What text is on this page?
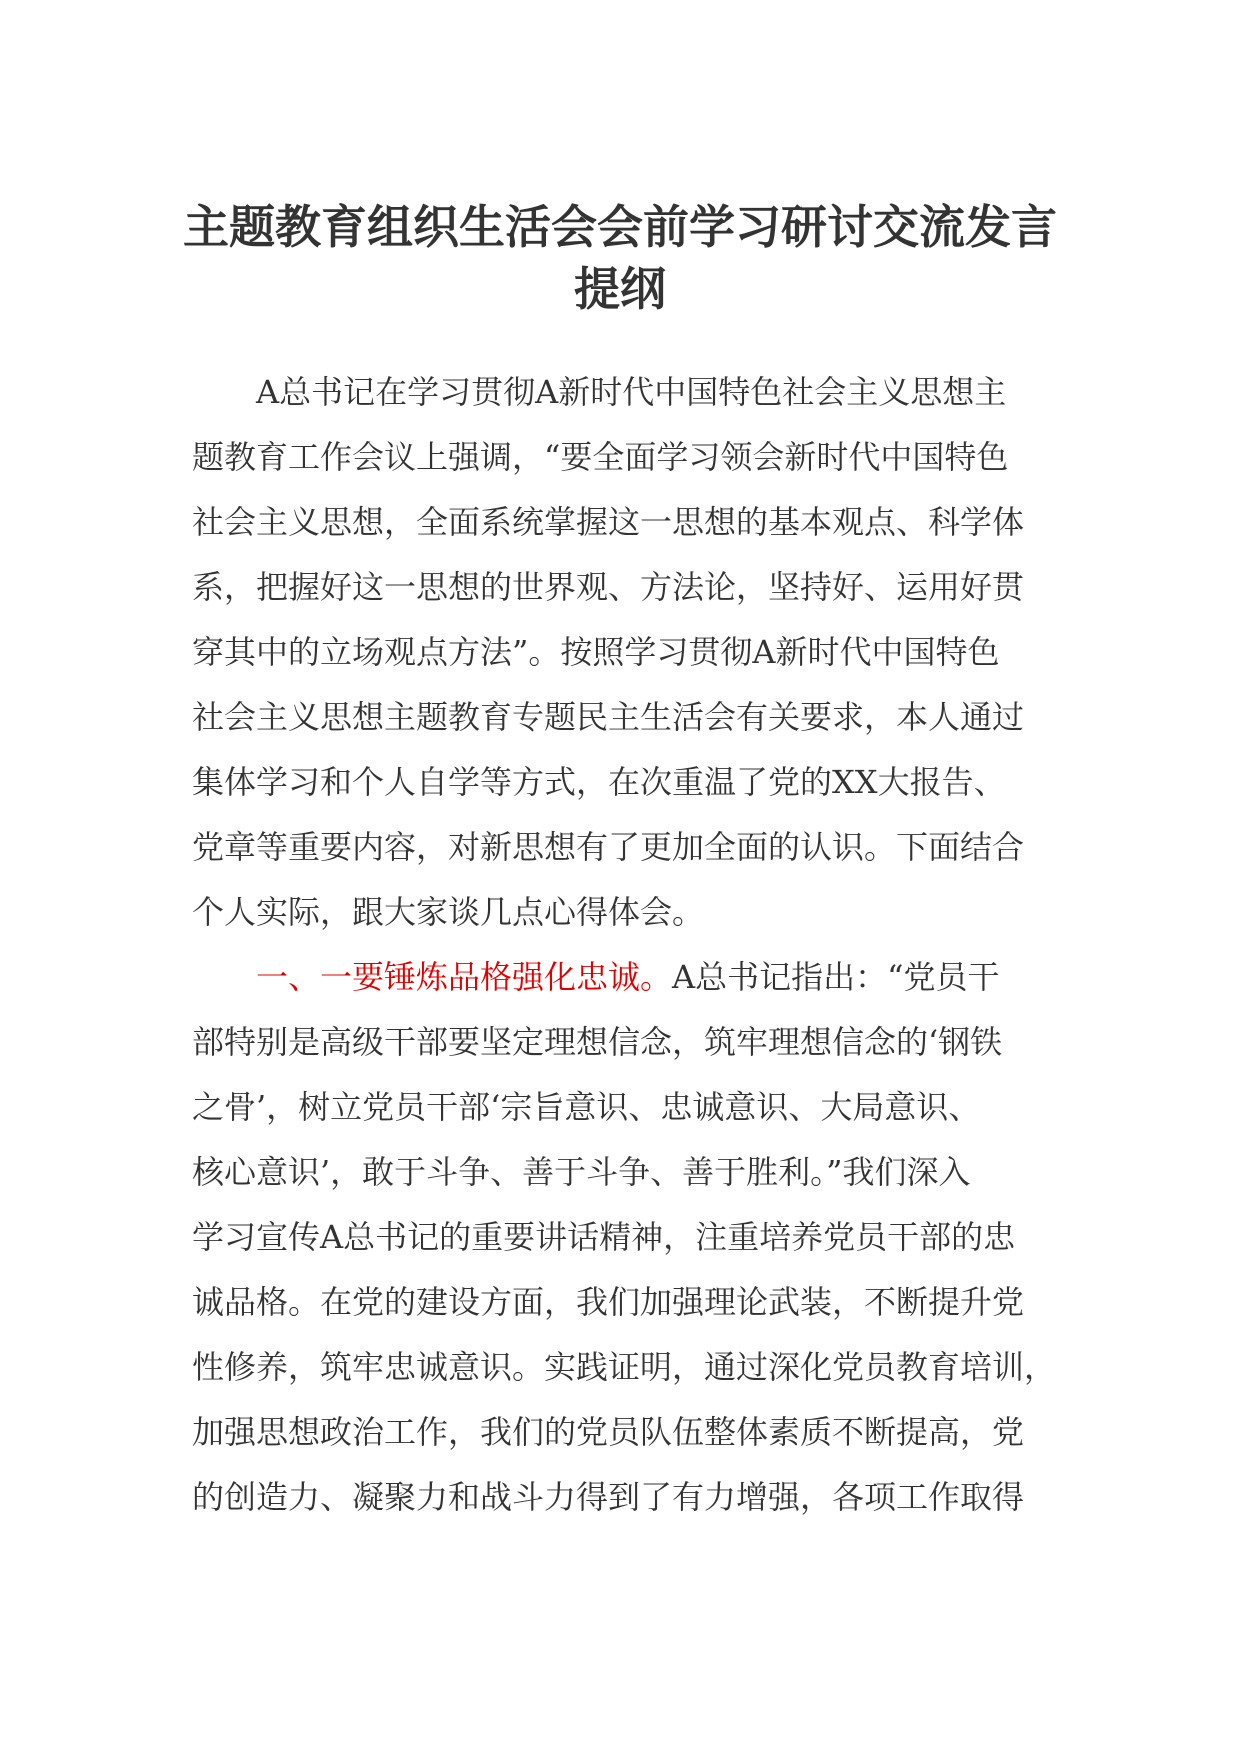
主题教育组织生活会会前学习研讨交流发言
提纲
A总书记在学习贯彻A新时代中国特色社会主义思想主
题教育工作会议上强调，“要全面学习领会新时代中国特色
社会主义思想，全面系统掌握这一思想的基本观点、科学体
系，把握好这一思想的世界观、方法论，坚持好、运用好贯
穿其中的立场观点方法”。按照学习贯彻A新时代中国特色
社会主义思想主题教育专题民主生活会有关要求，本人通过
集体学习和个人自学等方式，在次重温了党的XX大报告、
党章等重要内容，对新思想有了更加全面的认识。下面结合
个人实际，跟大家谈几点心得体会。
一、一要锤炼品格强化忠诚。A总书记指出：“党员干
部特别是高级干部要坚定理想信念，筑牢理想信念的‘钢铁
之骨’，树立党员干部‘宗旨意识、忠诚意识、大局意识、
核心意识’，敢于斗争、善于斗争、善于胜利。”我们深入
学习宣传A总书记的重要讲话精神，注重培养党员干部的忠
诚品格。在党的建设方面，我们加强理论武装，不断提升党
性修养，筑牢忠诚意识。实践证明，通过深化党员教育培训，
加强思想政治工作，我们的党员队伍整体素质不断提高，党
的创造力、凝聚力和战斗力得到了有力增强，各项工作取得
